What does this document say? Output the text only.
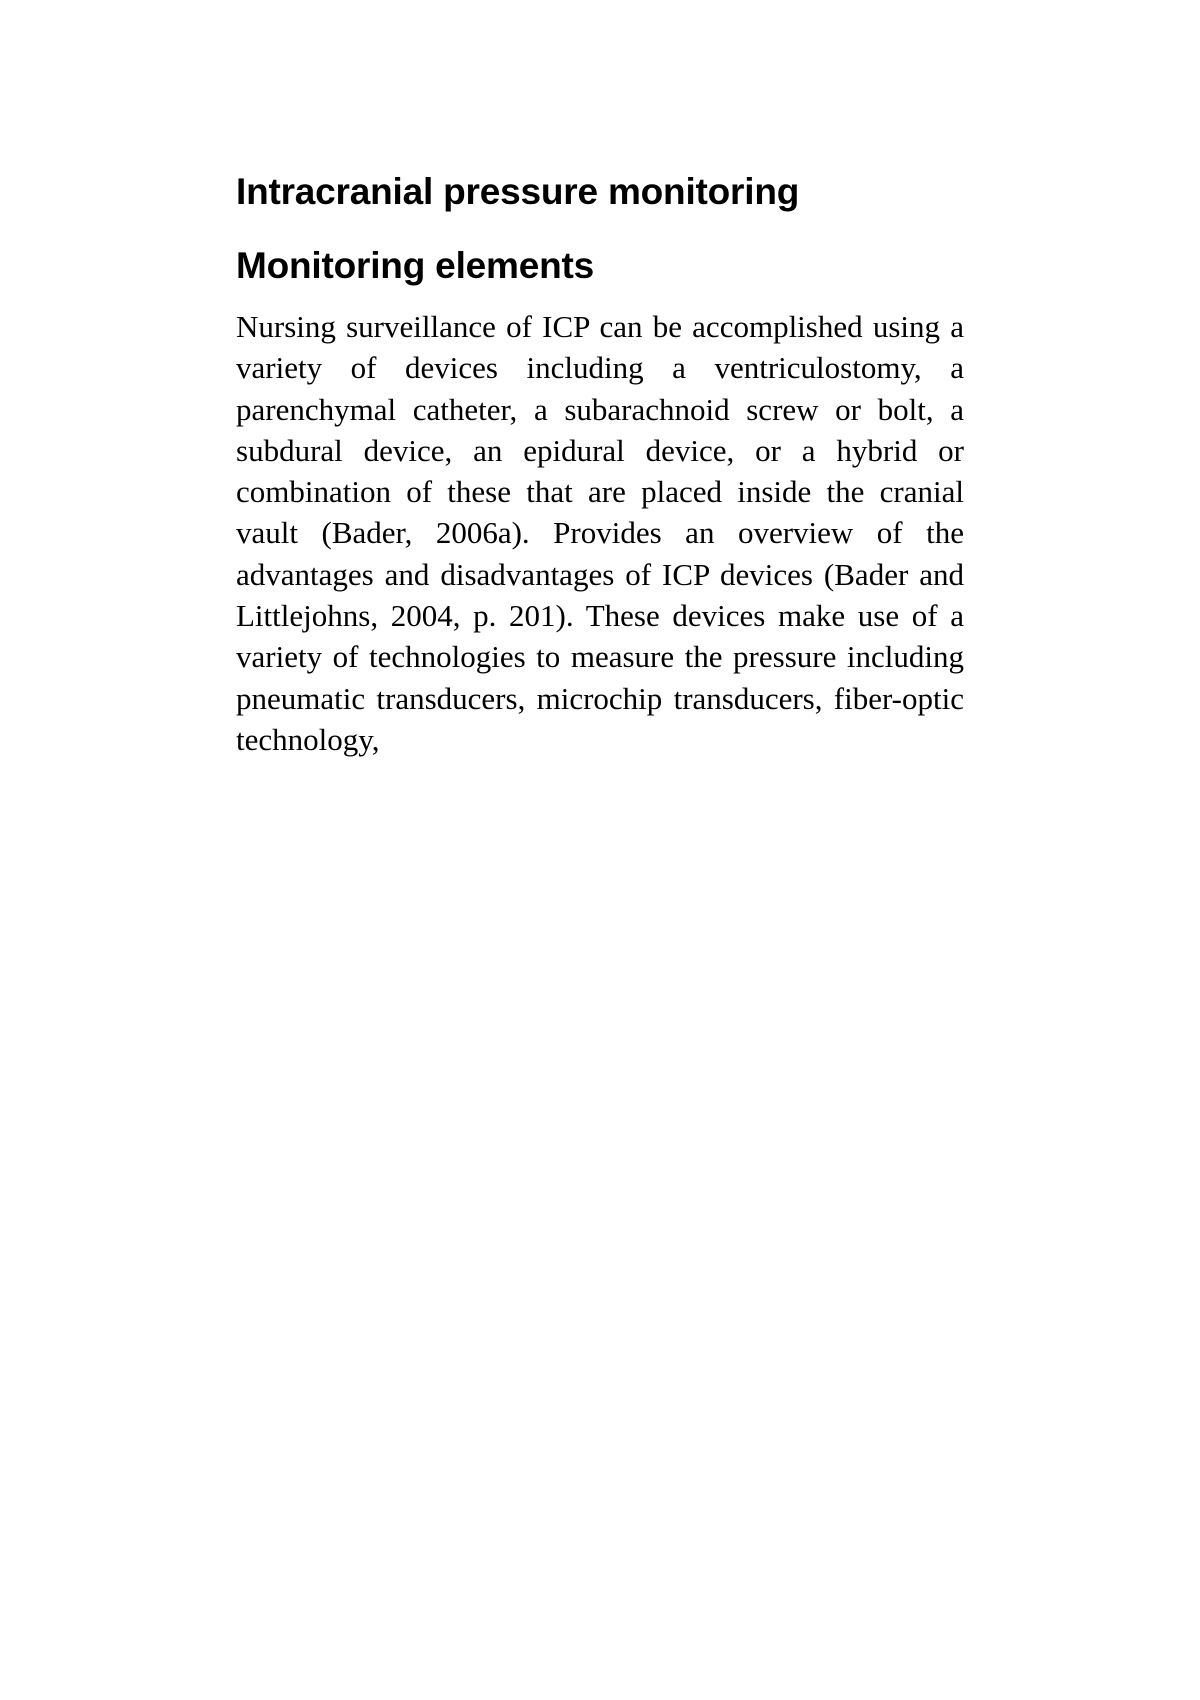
Intracranial pressure monitoring
Monitoring elements

Nursing surveillance of ICP can be accomplished using a variety of devices including a ventriculostomy, a parenchymal catheter, a subarachnoid screw or bolt, a subdural device, an epidural device, or a hybrid or combination of these that are placed inside the cranial vault (Bader, 2006a). Provides an overview of the advantages and disadvantages of ICP devices (Bader and Littlejohns, 2004, p. 201). These devices make use of a variety of technologies to measure the pressure including pneumatic transducers, microchip transducers, fiber-optic technology,
